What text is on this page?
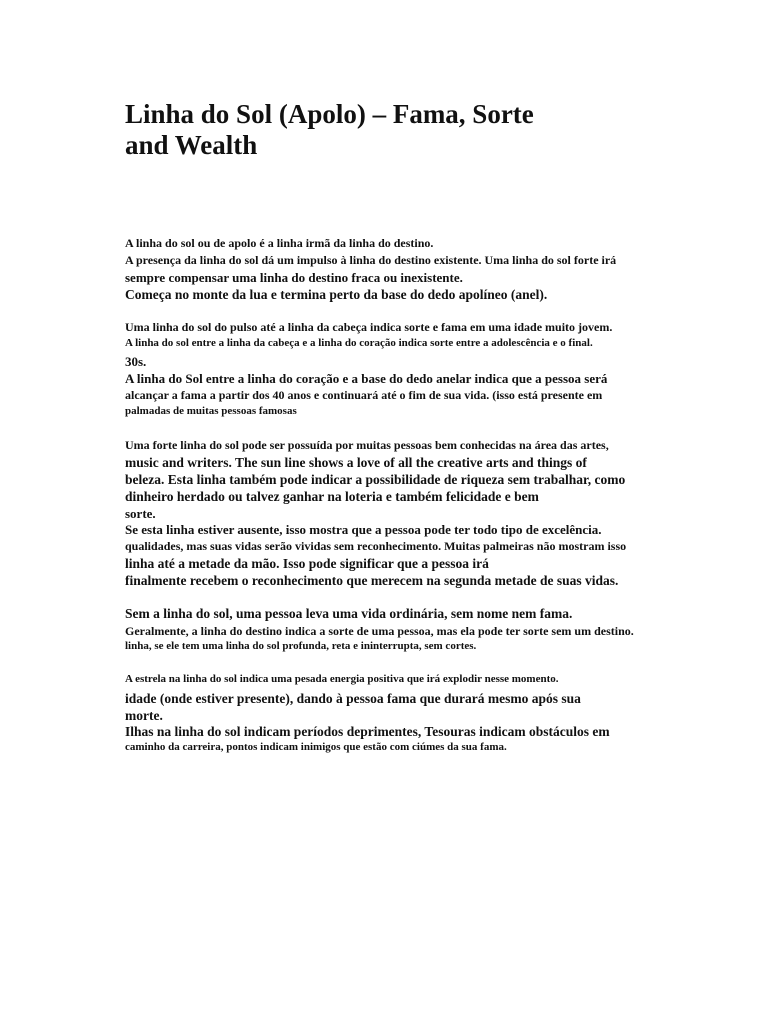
Linha do Sol (Apolo) – Fama, Sorte
and Wealth
A linha do sol ou de apolo é a linha irmã da linha do destino.
A presença da linha do sol dá um impulso à linha do destino existente. Uma linha do sol forte irá
sempre compensar uma linha do destino fraca ou inexistente.
Começa no monte da lua e termina perto da base do dedo apolíneo (anel).
Uma linha do sol do pulso até a linha da cabeça indica sorte e fama em uma idade muito jovem.
A linha do sol entre a linha da cabeça e a linha do coração indica sorte entre a adolescência e o final.
30s.
A linha do Sol entre a linha do coração e a base do dedo anelar indica que a pessoa será
alcançar a fama a partir dos 40 anos e continuará até o fim de sua vida. (isso está presente em
palmadas de muitas pessoas famosas
Uma forte linha do sol pode ser possuída por muitas pessoas bem conhecidas na área das artes,
music and writers. The sun line shows a love of all the creative arts and things of
beleza. Esta linha também pode indicar a possibilidade de riqueza sem trabalhar, como
dinheiro herdado ou talvez ganhar na loteria e também felicidade e bem
sorte.
Se esta linha estiver ausente, isso mostra que a pessoa pode ter todo tipo de excelência.
qualidades, mas suas vidas serão vividas sem reconhecimento. Muitas palmeiras não mostram isso
linha até a metade da mão. Isso pode significar que a pessoa irá
finalmente recebem o reconhecimento que merecem na segunda metade de suas vidas.
Sem a linha do sol, uma pessoa leva uma vida ordinária, sem nome nem fama.
Geralmente, a linha do destino indica a sorte de uma pessoa, mas ela pode ter sorte sem um destino.
linha, se ele tem uma linha do sol profunda, reta e ininterrupta, sem cortes.
A estrela na linha do sol indica uma pesada energia positiva que irá explodir nesse momento.
idade (onde estiver presente), dando à pessoa fama que durará mesmo após sua
morte.
Ilhas na linha do sol indicam períodos deprimentes, Tesouras indicam obstáculos em
caminho da carreira, pontos indicam inimigos que estão com ciúmes da sua fama.
